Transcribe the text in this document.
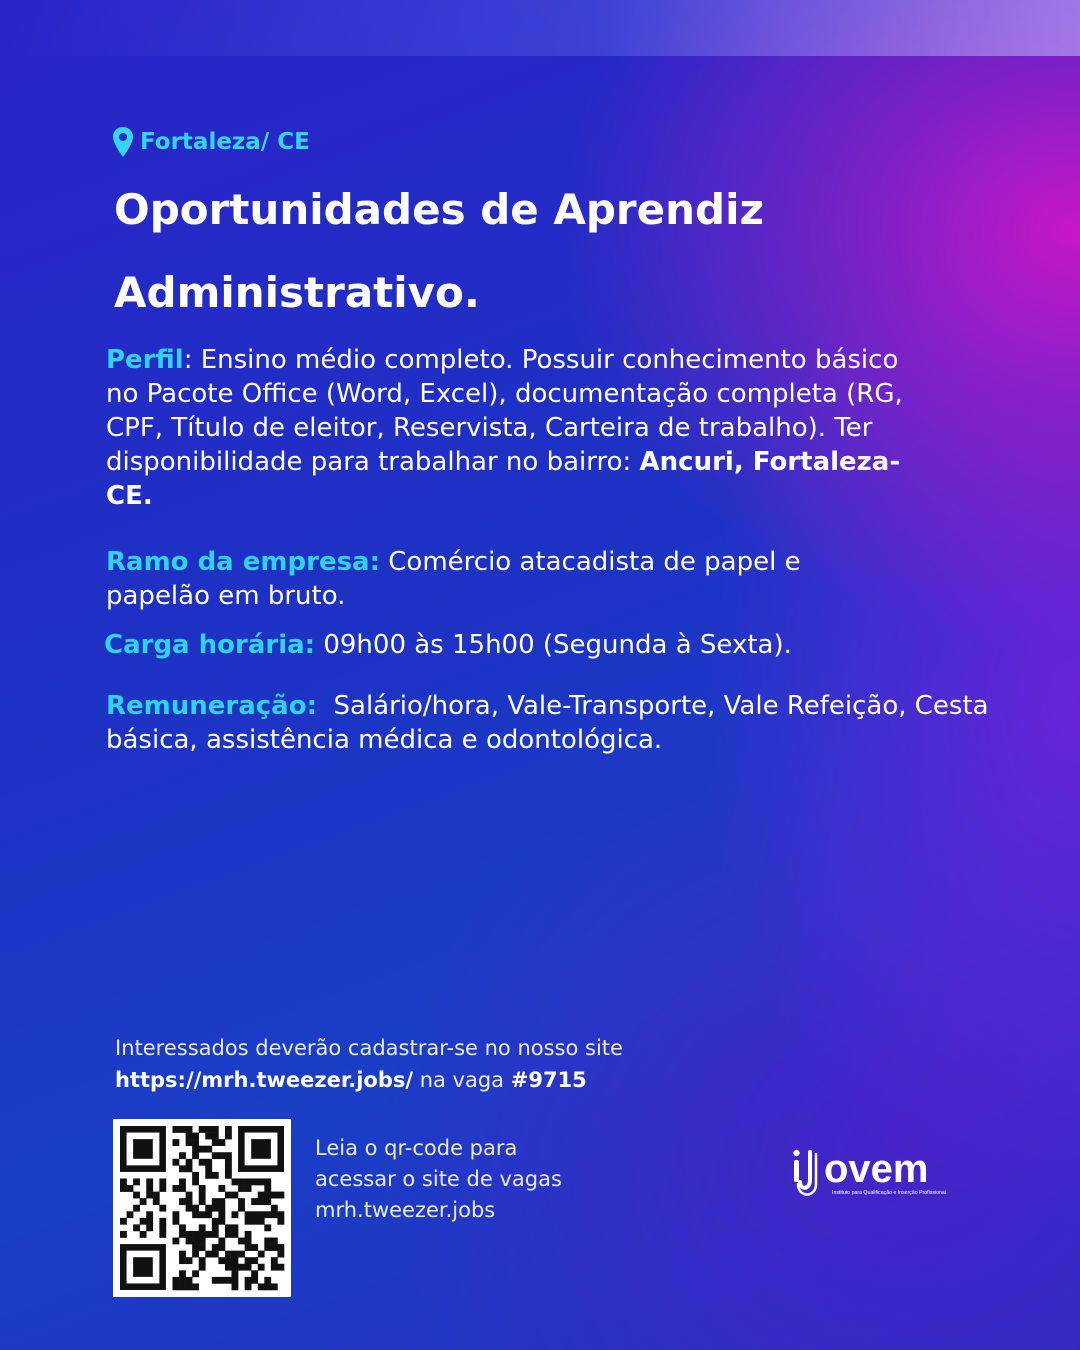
Fortaleza/ CE
Oportunidades de Aprendiz
Administrativo.

Perfil: Ensino médio completo. Possuir conhecimento básico no Pacote Office (Word, Excel), documentação completa (RG, CPF, Título de eleitor, Reservista, Carteira de trabalho). Ter disponibilidade para trabalhar no bairro: Ancuri, Fortaleza-CE.

Ramo da empresa: Comércio atacadista de papel e papelão em bruto.

Carga horária: 09h00 às 15h00 (Segunda à Sexta).

Remuneração:  Salário/hora, Vale-Transporte, Vale Refeição, Cesta básica, assistência médica e odontológica.

Interessados deverão cadastrar-se no nosso site
https://mrh.tweezer.jobs/ na vaga #9715
Leia o qr-code para
acessar o site de vagas
mrh.tweezer.jobs
ovem
Instituto para Qualificação e Inserção Profissional
